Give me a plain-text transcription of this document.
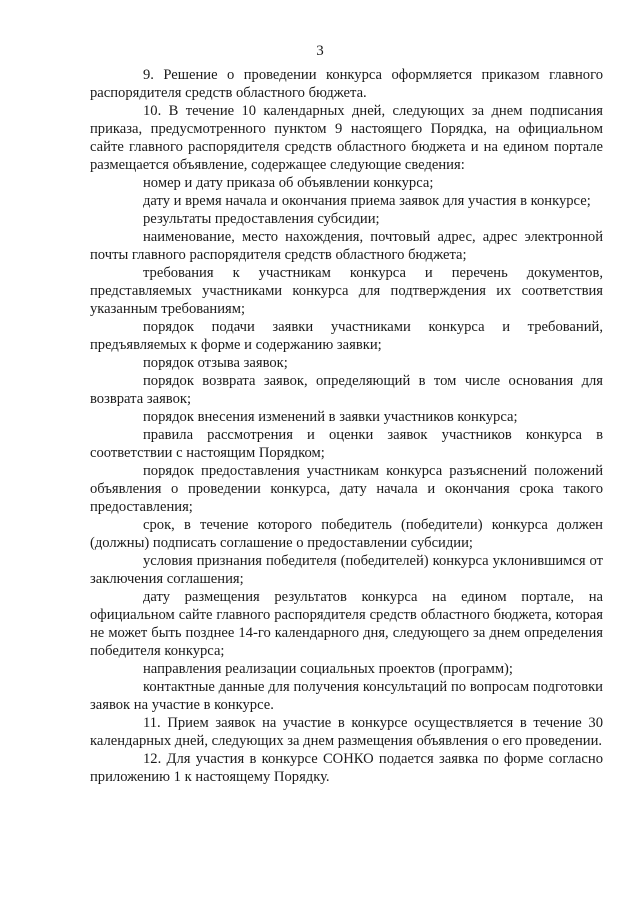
3

9. Решение о проведении конкурса оформляется приказом главного распорядителя средств областного бюджета.

10. В течение 10 календарных дней, следующих за днем подписания приказа, предусмотренного пунктом 9 настоящего Порядка, на официальном сайте главного распорядителя средств областного бюджета и на едином портале размещается объявление, содержащее следующие сведения:

номер и дату приказа об объявлении конкурса;

дату и время начала и окончания приема заявок для участия в конкурсе;

результаты предоставления субсидии;

наименование, место нахождения, почтовый адрес, адрес электронной почты главного распорядителя средств областного бюджета;

требования к участникам конкурса и перечень документов, представляемых участниками конкурса для подтверждения их соответствия указанным требованиям;

порядок подачи заявки участниками конкурса и требований, предъявляемых к форме и содержанию заявки;

порядок отзыва заявок;

порядок возврата заявок, определяющий в том числе основания для возврата заявок;

порядок внесения изменений в заявки участников конкурса;

правила рассмотрения и оценки заявок участников конкурса в соответствии с настоящим Порядком;

порядок предоставления участникам конкурса разъяснений положений объявления о проведении конкурса, дату начала и окончания срока такого предоставления;

срок, в течение которого победитель (победители) конкурса должен (должны) подписать соглашение о предоставлении субсидии;

условия признания победителя (победителей) конкурса уклонившимся от заключения соглашения;

дату размещения результатов конкурса на едином портале, на официальном сайте главного распорядителя средств областного бюджета, которая не может быть позднее 14-го календарного дня, следующего за днем определения победителя конкурса;

направления реализации социальных проектов (программ);

контактные данные для получения консультаций по вопросам подготовки заявок на участие в конкурсе.

11. Прием заявок на участие в конкурсе осуществляется в течение 30 календарных дней, следующих за днем размещения объявления о его проведении.

12. Для участия в конкурсе СОНКО подается заявка по форме согласно приложению 1 к настоящему Порядку.
